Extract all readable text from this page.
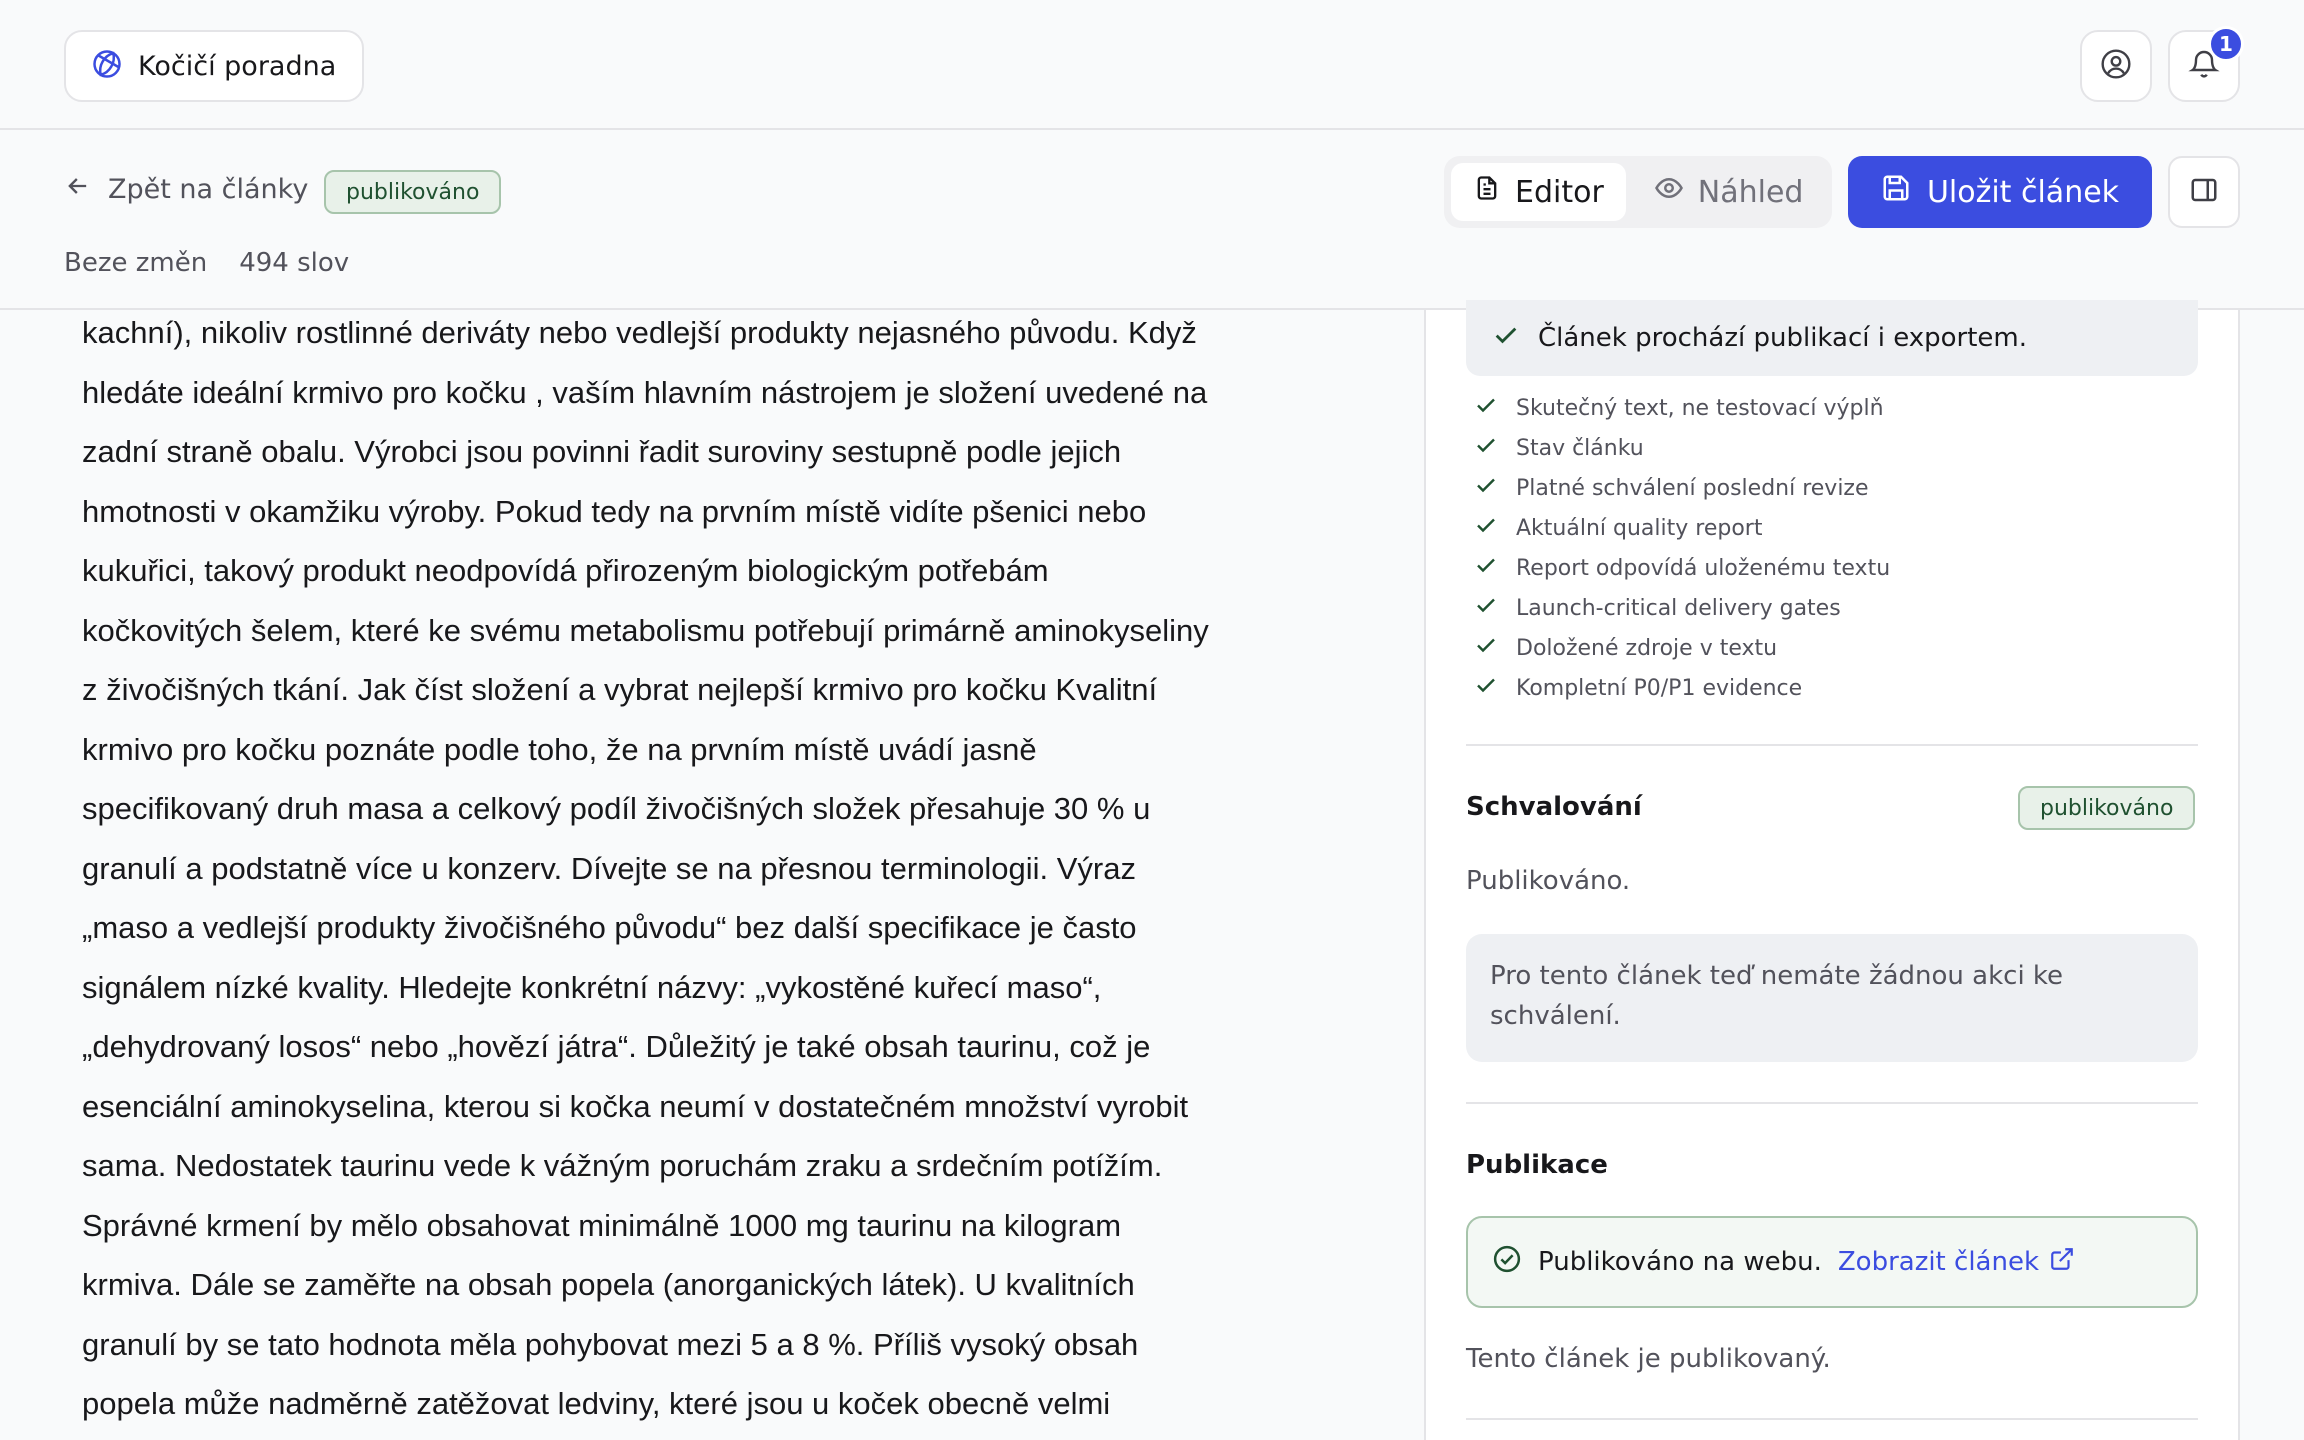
Kočičí poradna
1
Zpět na články	publikováno
Beze změn 494 slov
Editor	Náhled	Uložit článek
kachní), nikoliv rostlinné deriváty nebo vedlejší produkty nejasného původu. Když
hledáte ideální krmivo pro kočku , vaším hlavním nástrojem je složení uvedené na
zadní straně obalu. Výrobci jsou povinni řadit suroviny sestupně podle jejich
hmotnosti v okamžiku výroby. Pokud tedy na prvním místě vidíte pšenici nebo
kukuřici, takový produkt neodpovídá přirozeným biologickým potřebám
kočkovitých šelem, které ke svému metabolismu potřebují primárně aminokyseliny
z živočišných tkání. Jak číst složení a vybrat nejlepší krmivo pro kočku Kvalitní
krmivo pro kočku poznáte podle toho, že na prvním místě uvádí jasně
specifikovaný druh masa a celkový podíl živočišných složek přesahuje 30 % u
granulí a podstatně více u konzerv. Dívejte se na přesnou terminologii. Výraz
„maso a vedlejší produkty živočišného původu“ bez další specifikace je často
signálem nízké kvality. Hledejte konkrétní názvy: „vykostěné kuřecí maso“,
„dehydrovaný losos“ nebo „hovězí játra“. Důležitý je také obsah taurinu, což je
esenciální aminokyselina, kterou si kočka neumí v dostatečném množství vyrobit
sama. Nedostatek taurinu vede k vážným poruchám zraku a srdečním potížím.
Správné krmení by mělo obsahovat minimálně 1000 mg taurinu na kilogram
krmiva. Dále se zaměřte na obsah popela (anorganických látek). U kvalitních
granulí by se tato hodnota měla pohybovat mezi 5 a 8 %. Příliš vysoký obsah
popela může nadměrně zatěžovat ledviny, které jsou u koček obecně velmi
Článek prochází publikací i exportem.
Skutečný text, ne testovací výplň
Stav článku
Platné schválení poslední revize
Aktuální quality report
Report odpovídá uloženému textu
Launch-critical delivery gates
Doložené zdroje v textu
Kompletní P0/P1 evidence
Schvalování	publikováno
Publikováno.
Pro tento článek teď nemáte žádnou akci ke schválení.
Publikace
Publikováno na webu. Zobrazit článek
Tento článek je publikovaný.
